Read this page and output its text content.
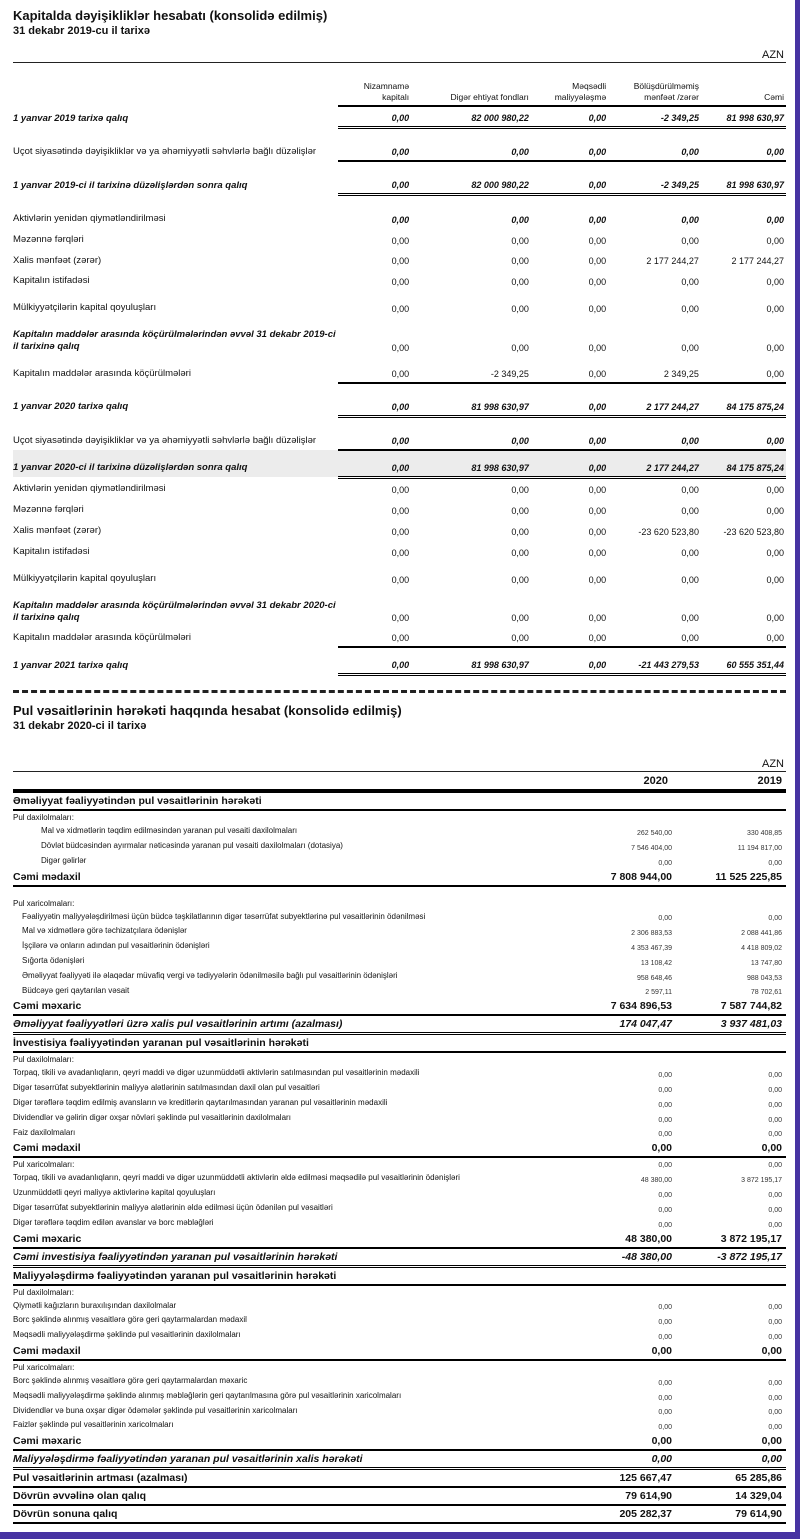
Kapitalda dəyişikliklər hesabatı (konsolidə edilmiş)
31 dekabr 2019-cu il tarixə
AZN
	Nizamnamə kapitalı	Digər ehtiyat fondları	Məqsədli maliyyələşmə	Bölüşdürülməmiş mənfəət /zərər	Cəmi
1 yanvar 2019 tarixə qalıq	0,00	82 000 980,22	0,00	-2 349,25	81 998 630,97
Uçot siyasətində dəyişikliklər və ya əhəmiyyətli səhvlərlə bağlı düzəlişlər	0,00	0,00	0,00	0,00	0,00
1 yanvar 2019-ci il tarixinə düzəlişlərdən sonra qalıq	0,00	82 000 980,22	0,00	-2 349,25	81 998 630,97
Aktivlərin yenidən qiymətləndirilməsi	0,00	0,00	0,00	0,00	0,00
Məzənnə fərqləri	0,00	0,00	0,00	0,00	0,00
Xalis mənfəət (zərər)	0,00	0,00	0,00	2 177 244,27	2 177 244,27
Kapitalın istifadəsi	0,00	0,00	0,00	0,00	0,00
Mülkiyyətçilərin kapital qoyuluşları	0,00	0,00	0,00	0,00	0,00
Kapitalın maddələr arasında köçürülmələrindən əvvəl 31 dekabr 2019-ci il tarixinə qalıq	0,00	0,00	0,00	0,00	0,00
Kapitalın maddələr arasında köçürülmələri	0,00	-2 349,25	0,00	2 349,25	0,00
1 yanvar 2020 tarixə qalıq	0,00	81 998 630,97	0,00	2 177 244,27	84 175 875,24
Uçot siyasətində dəyişikliklər və ya əhəmiyyətli səhvlərlə bağlı düzəlişlər	0,00	0,00	0,00	0,00	0,00
1 yanvar 2020-ci il tarixinə düzəlişlərdən sonra qalıq	0,00	81 998 630,97	0,00	2 177 244,27	84 175 875,24
Aktivlərin yenidən qiymətləndirilməsi	0,00	0,00	0,00	0,00	0,00
Məzənnə fərqləri	0,00	0,00	0,00	0,00	0,00
Xalis mənfəət (zərər)	0,00	0,00	0,00	-23 620 523,80	-23 620 523,80
Kapitalın istifadəsi	0,00	0,00	0,00	0,00	0,00
Mülkiyyətçilərin kapital qoyuluşları	0,00	0,00	0,00	0,00	0,00
Kapitalın maddələr arasında köçürülmələrindən əvvəl 31 dekabr 2020-ci il tarixinə qalıq	0,00	0,00	0,00	0,00	0,00
Kapitalın maddələr arasında köçürülmələri	0,00	0,00	0,00	0,00	0,00
1 yanvar 2021 tarixə qalıq	0,00	81 998 630,97	0,00	-21 443 279,53	60 555 351,44
Pul vəsaitlərinin hərəkəti haqqında hesabat (konsolidə edilmiş)
31 dekabr 2020-ci il tarixə
AZN
2020	2019
Əməliyyat fəaliyyətindən pul vəsaitlərinin hərəkəti		
Pul daxilolmaları:		
Mal və xidmətlərin təqdim edilməsindən yaranan pul vəsaiti daxilolmaları	262 540,00	330 408,85
Dövlət büdcəsindən ayırmalar nəticəsində yaranan pul vəsaiti daxilolmaları (dotasiya)	7 546 404,00	11 194 817,00
Digər gəlirlər	0,00	0,00
Cəmi mədaxil	7 808 944,00	11 525 225,85
Pul xaricolmaları:		
Fəaliyyətin maliyyələşdirilməsi üçün büdcə təşkilatlarının digər təsərrüfat subyektlərinə pul vəsaitlərinin ödənilməsi	0,00	0,00
Mal və xidmətlərə görə təchizatçılara ödənişlər	2 306 883,53	2 088 441,86
İşçilərə və onların adından pul vəsaitlərinin ödənişləri	4 353 467,39	4 418 809,02
Sığorta ödənişləri	13 108,42	13 747,80
Əməliyyat fəaliyyəti ilə əlaqədar müvafiq vergi və tədiyyələrin ödənilməsilə bağlı pul vəsaitlərinin ödənişləri	958 648,46	988 043,53
Büdcəyə geri qaytarılan vəsait	2 597,11	78 702,61
Cəmi məxaric	7 634 896,53	7 587 744,82
Əməliyyat fəaliyyətləri üzrə xalis pul vəsaitlərinin artımı (azalması)	174 047,47	3 937 481,03
İnvestisiya fəaliyyətindən yaranan pul vəsaitlərinin hərəkəti		
Pul daxilolmaları:		
Torpaq, tikili və avadanlıqların, qeyri maddi və digər uzunmüddətli aktivlərin satılmasından pul vəsaitlərinin mədaxili	0,00	0,00
Digər təsərrüfat subyektlərinin maliyyə alətlərinin satılmasından daxil olan pul vəsaitləri	0,00	0,00
Digər tərəflərə təqdim edilmiş avansların və kreditlərin qaytarılmasından yaranan pul vəsaitlərinin mədaxili	0,00	0,00
Dividendlər və gəlirin digər oxşar növləri şəklində pul vəsaitlərinin daxilolmaları	0,00	0,00
Faiz daxilolmaları	0,00	0,00
Cəmi mədaxil	0,00	0,00
Pul xaricolmaları:	0,00	0,00
Torpaq, tikili və avadanlıqların, qeyri maddi və digər uzunmüddətli aktivlərin əldə edilməsi məqsədilə pul vəsaitlərinin ödənişləri	48 380,00	3 872 195,17
Uzunmüddətli qeyri maliyyə aktivlərinə kapital qoyuluşları	0,00	0,00
Digər təsərrüfat subyektlərinin maliyyə alətlərinin əldə edilməsi üçün ödənilən pul vəsaitləri	0,00	0,00
Digər tərəflərə təqdim edilən avanslar və borc məbləğləri	0,00	0,00
Cəmi məxaric	48 380,00	3 872 195,17
Cəmi investisiya fəaliyyətindən yaranan pul vəsaitlərinin hərəkəti	-48 380,00	-3 872 195,17
Maliyyələşdirmə fəaliyyətindən yaranan pul vəsaitlərinin hərəkəti		
Pul daxilolmaları:		
Qiymətli kağızların buraxılışından daxilolmalar	0,00	0,00
Borc şəklində alınmış vəsaitlərə görə geri qaytarmalardan mədaxil	0,00	0,00
Məqsədli maliyyələşdirmə şəklində pul vəsaitlərinin daxilolmaları	0,00	0,00
Cəmi mədaxil	0,00	0,00
Pul xaricolmaları:		
Borc şəklində alınmış vəsaitlərə görə geri qaytarmalardan məxaric	0,00	0,00
Məqsədli maliyyələşdirmə şəklində alınmış məbləğlərin geri qaytarılmasına görə pul vəsaitlərinin xaricolmaları	0,00	0,00
Dividendlər və buna oxşar digər ödəmələr şəklində pul vəsaitlərinin xaricolmaları	0,00	0,00
Faizlər şəklində pul vəsaitlərinin xaricolmaları	0,00	0,00
Cəmi məxaric	0,00	0,00
Maliyyələşdirmə fəaliyyətindən yaranan pul vəsaitlərinin xalis hərəkəti	0,00	0,00
Pul vəsaitlərinin artması (azalması)	125 667,47	65 285,86
Dövrün əvvəlinə olan qalıq	79 614,90	14 329,04
Dövrün sonuna qalıq	205 282,37	79 614,90
